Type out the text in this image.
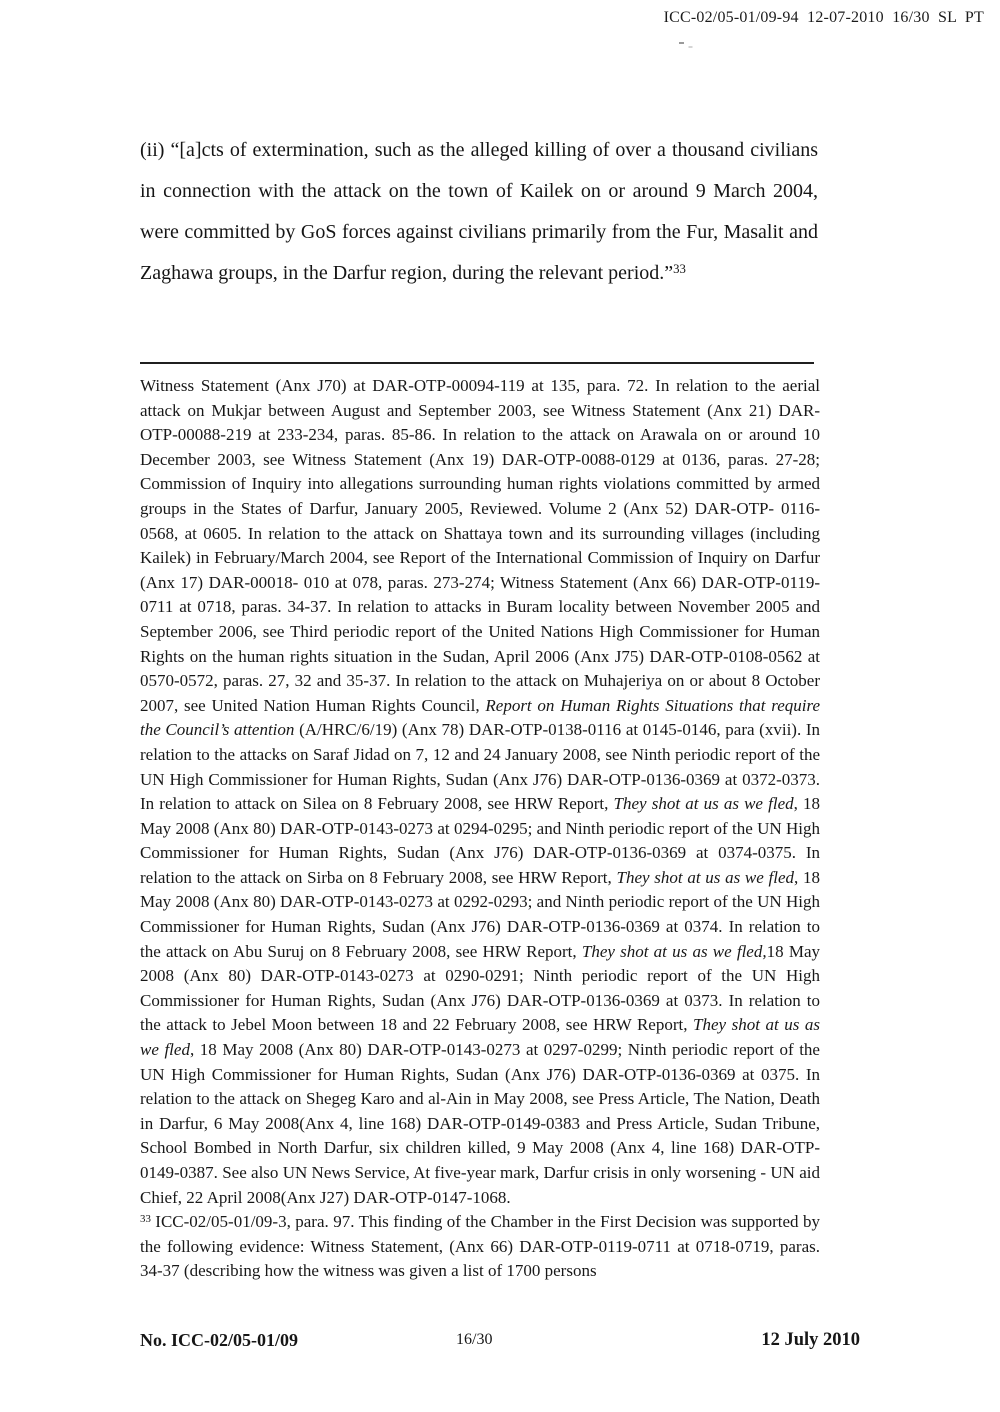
ICC-02/05-01/09-94  12-07-2010  16/30  SL  PT
(ii) “[a]cts of extermination, such as the alleged killing of over a thousand civilians in connection with the attack on the town of Kailek on or around 9 March 2004, were committed by GoS forces against civilians primarily from the Fur, Masalit and Zaghawa groups, in the Darfur region, during the relevant period.”$^{33}$

Witness Statement (Anx J70) at DAR-OTP-00094-119 at 135, para. 72. In relation to the aerial attack on Mukjar between August and September 2003, see Witness Statement (Anx 21) DAR-OTP-00088-219 at 233-234, paras. 85-86. In relation to the attack on Arawala on or around 10 December 2003, see Witness Statement (Anx 19) DAR-OTP-0088-0129 at 0136, paras. 27-28; Commission of Inquiry into allegations surrounding human rights violations committed by armed groups in the States of Darfur, January 2005, Reviewed. Volume 2 (Anx 52) DAR-OTP- 0116-0568, at 0605. In relation to the attack on Shattaya town and its surrounding villages (including Kailek) in February/March 2004, see Report of the International Commission of Inquiry on Darfur (Anx 17) DAR-00018- 010 at 078, paras. 273-274; Witness Statement (Anx 66) DAR-OTP-0119-0711 at 0718, paras. 34-37. In relation to attacks in Buram locality between November 2005 and September 2006, see Third periodic report of the United Nations High Commissioner for Human Rights on the human rights situation in the Sudan, April 2006 (Anx J75) DAR-OTP-0108-0562 at 0570-0572, paras. 27, 32 and 35-37. In relation to the attack on Muhajeriya on or about 8 October 2007, see United Nation Human Rights Council, Report on Human Rights Situations that require the Council’s attention (A/HRC/6/19) (Anx 78) DAR-OTP-0138-0116 at 0145-0146, para (xvii). In relation to the attacks on Saraf Jidad on 7, 12 and 24 January 2008, see Ninth periodic report of the UN High Commissioner for Human Rights, Sudan (Anx J76) DAR-OTP-0136-0369 at 0372-0373. In relation to attack on Silea on 8 February 2008, see HRW Report, They shot at us as we fled, 18 May 2008 (Anx 80) DAR-OTP-0143-0273 at 0294-0295; and Ninth periodic report of the UN High Commissioner for Human Rights, Sudan (Anx J76) DAR-OTP-0136-0369 at 0374-0375. In relation to the attack on Sirba on 8 February 2008, see HRW Report, They shot at us as we fled, 18 May 2008 (Anx 80) DAR-OTP-0143-0273 at 0292-0293; and Ninth periodic report of the UN High Commissioner for Human Rights, Sudan (Anx J76) DAR-OTP-0136-0369 at 0374. In relation to the attack on Abu Suruj on 8 February 2008, see HRW Report, They shot at us as we fled,18 May 2008 (Anx 80) DAR-OTP-0143-0273 at 0290-0291; Ninth periodic report of the UN High Commissioner for Human Rights, Sudan (Anx J76) DAR-OTP-0136-0369 at 0373. In relation to the attack to Jebel Moon between 18 and 22 February 2008, see HRW Report, They shot at us as we fled, 18 May 2008 (Anx 80) DAR-OTP-0143-0273 at 0297-0299; Ninth periodic report of the UN High Commissioner for Human Rights, Sudan (Anx J76) DAR-OTP-0136-0369 at 0375. In relation to the attack on Shegeg Karo and al-Ain in May 2008, see Press Article, The Nation, Death in Darfur, 6 May 2008(Anx 4, line 168) DAR-OTP-0149-0383 and Press Article, Sudan Tribune, School Bombed in North Darfur, six children killed, 9 May 2008 (Anx 4, line 168) DAR-OTP-0149-0387. See also UN News Service, At five-year mark, Darfur crisis in only worsening - UN aid Chief, 22 April 2008(Anx J27) DAR-OTP-0147-1068.

$^{33}$ ICC-02/05-01/09-3, para. 97. This finding of the Chamber in the First Decision was supported by the following evidence: Witness Statement, (Anx 66) DAR-OTP-0119-0711 at 0718-0719, paras. 34-37 (describing how the witness was given a list of 1700 persons

No. ICC-02/05-01/09	16/30	12 July 2010
